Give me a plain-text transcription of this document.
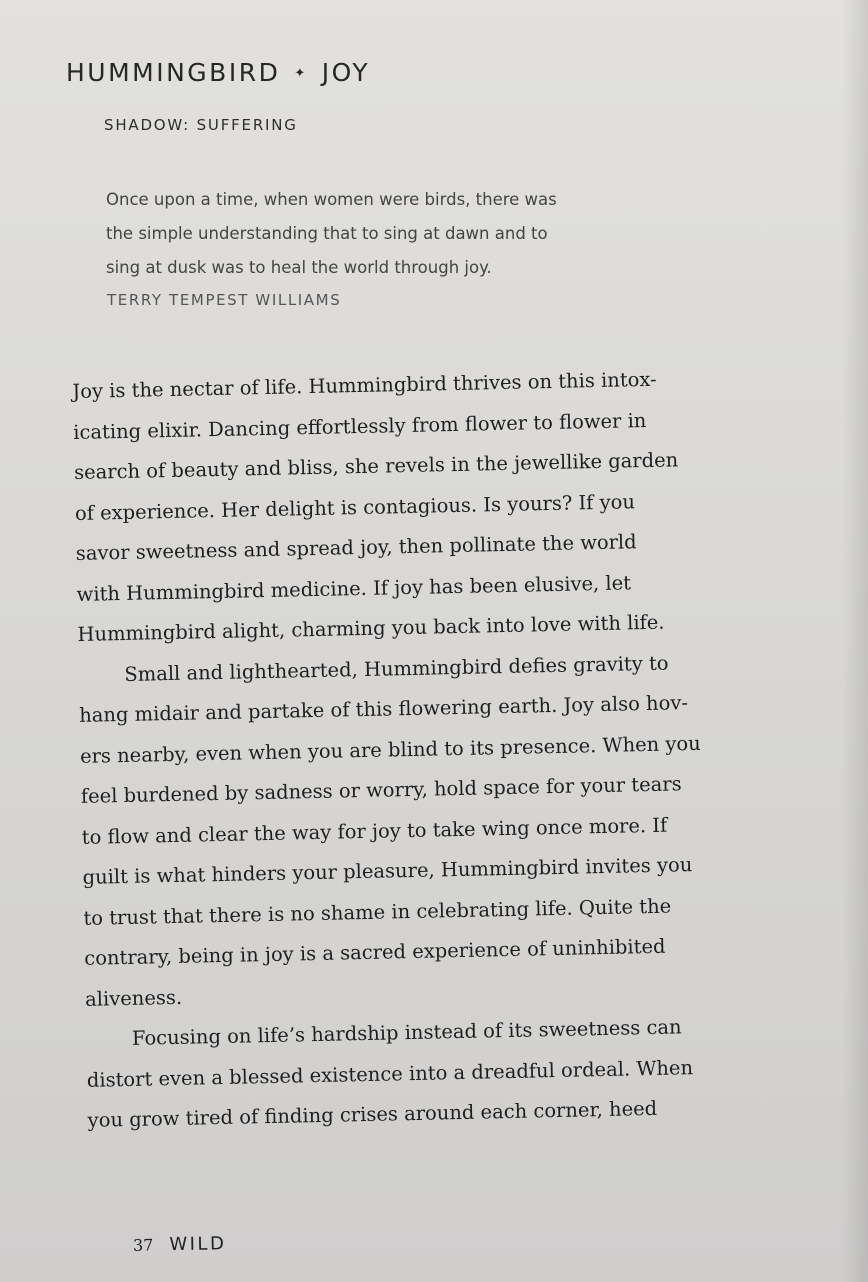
HUMMINGBIRD ✦ JOY
SHADOW: SUFFERING
Once upon a time, when women were birds, there was
the simple understanding that to sing at dawn and to
sing at dusk was to heal the world through joy.
TERRY TEMPEST WILLIAMS
Joy is the nectar of life. Hummingbird thrives on this intox-
icating elixir. Dancing effortlessly from flower to flower in
search of beauty and bliss, she revels in the jewellike garden
of experience. Her delight is contagious. Is yours? If you
savor sweetness and spread joy, then pollinate the world
with Hummingbird medicine. If joy has been elusive, let
Hummingbird alight, charming you back into love with life.
Small and lighthearted, Hummingbird defies gravity to
hang midair and partake of this flowering earth. Joy also hov-
ers nearby, even when you are blind to its presence. When you
feel burdened by sadness or worry, hold space for your tears
to flow and clear the way for joy to take wing once more. If
guilt is what hinders your pleasure, Hummingbird invites you
to trust that there is no shame in celebrating life. Quite the
contrary, being in joy is a sacred experience of uninhibited
aliveness.
Focusing on life’s hardship instead of its sweetness can
distort even a blessed existence into a dreadful ordeal. When
you grow tired of finding crises around each corner, heed
37 WILD
